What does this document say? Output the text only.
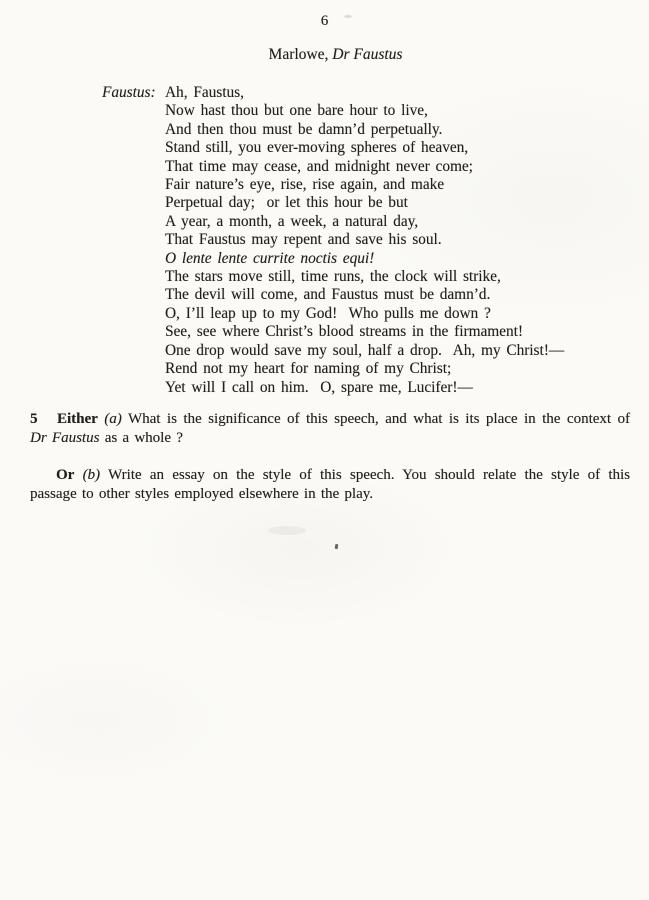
6
Marlowe, Dr Faustus
Faustus: Ah, Faustus,
Now hast thou but one bare hour to live,
And then thou must be damn’d perpetually.
Stand still, you ever-moving spheres of heaven,
That time may cease, and midnight never come;
Fair nature’s eye, rise, rise again, and make
Perpetual day;  or let this hour be but
A year, a month, a week, a natural day,
That Faustus may repent and save his soul.
O lente lente currite noctis equi!
The stars move still, time runs, the clock will strike,
The devil will come, and Faustus must be damn’d.
O, I’ll leap up to my God!  Who pulls me down ?
See, see where Christ’s blood streams in the firmament!
One drop would save my soul, half a drop.  Ah, my Christ!—
Rend not my heart for naming of my Christ;
Yet will I call on him.  O, spare me, Lucifer!—

5 Either (a) What is the significance of this speech, and what is its place in the context of Dr Faustus as a whole ?

Or (b) Write an essay on the style of this speech. You should relate the style of this passage to other styles employed elsewhere in the play.
